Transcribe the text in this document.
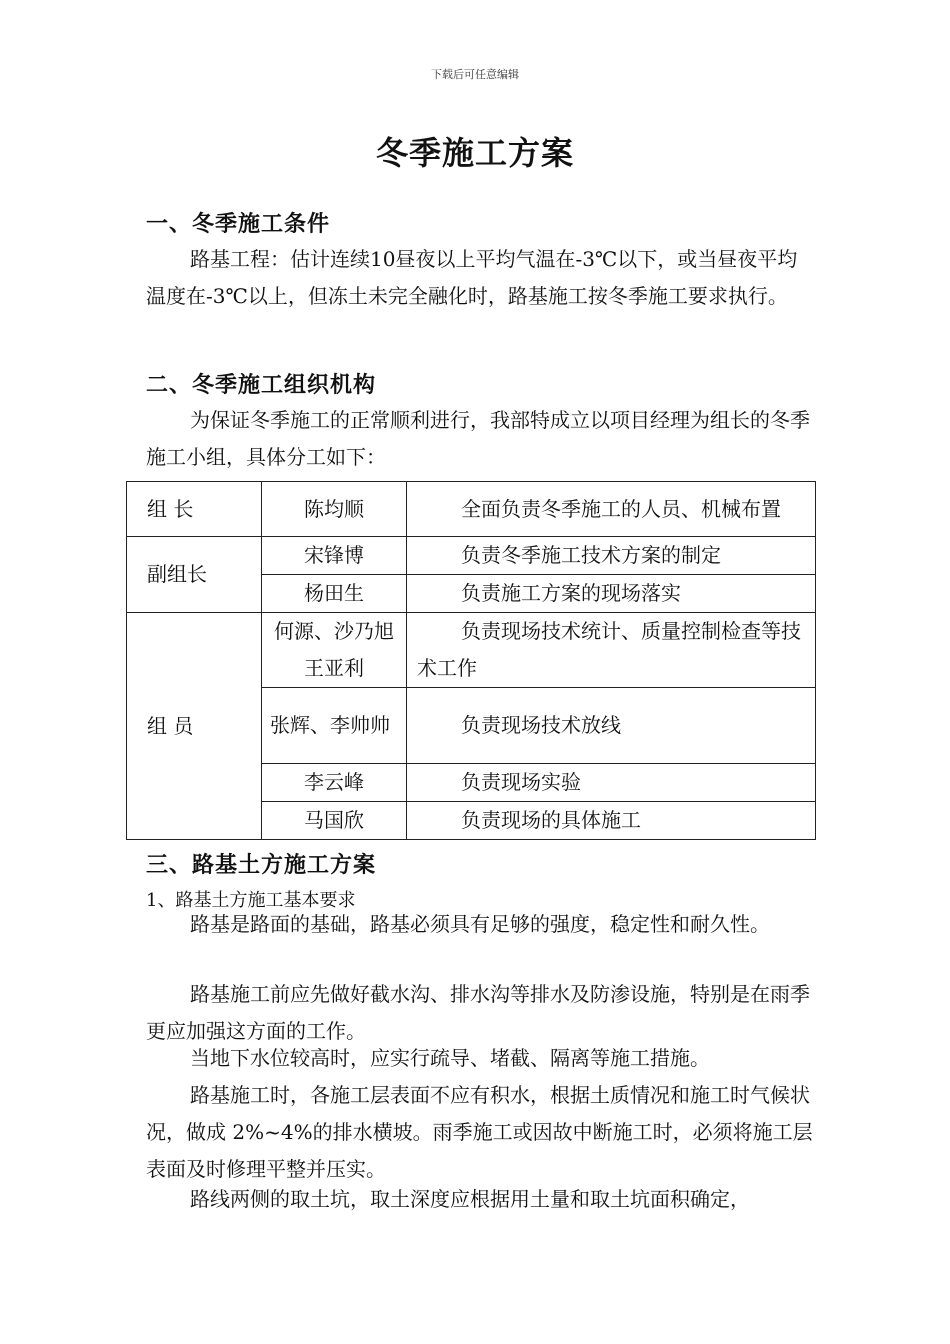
下载后可任意编辑
冬季施工方案
一、冬季施工条件
路基工程：估计连续10昼夜以上平均气温在-3℃以下，或当昼夜平均温度在-3℃以上，但冻土未完全融化时，路基施工按冬季施工要求执行。
二、冬季施工组织机构
为保证冬季施工的正常顺利进行，我部特成立以项目经理为组长的冬季施工小组，具体分工如下：
组 长	陈均顺	全面负责冬季施工的人员、机械布置
副组长	宋锋博	负责冬季施工技术方案的制定
	杨田生	负责施工方案的现场落实
组 员	何源、沙乃旭王亚利	负责现场技术统计、质量控制检查等技术工作
	张辉、李帅帅	负责现场技术放线
	李云峰	负责现场实验
	马国欣	负责现场的具体施工
三、路基土方施工方案
1、路基土方施工基本要求
路基是路面的基础，路基必须具有足够的强度，稳定性和耐久性。
路基施工前应先做好截水沟、排水沟等排水及防渗设施，特别是在雨季更应加强这方面的工作。
当地下水位较高时，应实行疏导、堵截、隔离等施工措施。
路基施工时，各施工层表面不应有积水，根据土质情况和施工时气候状况，做成 2%~4%的排水横坡。雨季施工或因故中断施工时，必须将施工层表面及时修理平整并压实。
路线两侧的取土坑，取土深度应根据用土量和取土坑面积确定，
